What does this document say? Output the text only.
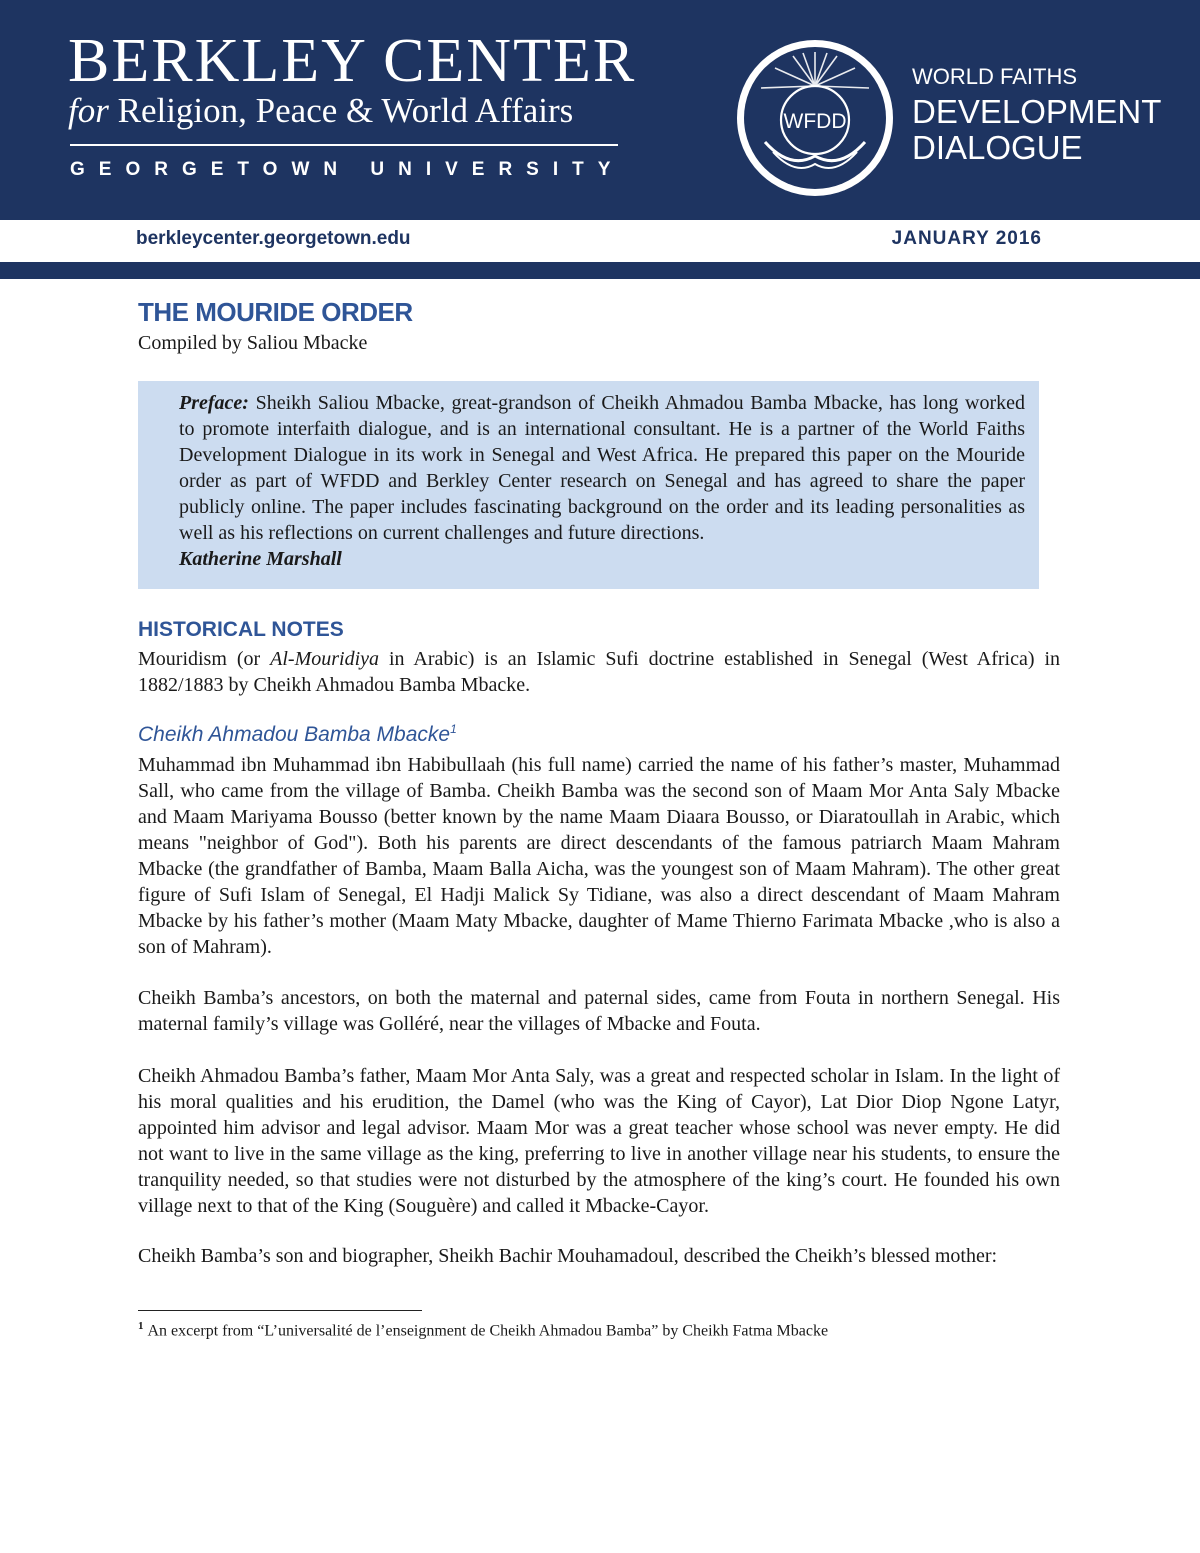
BERKLEY CENTER

for Religion, Peace & World Affairs

GEORGETOWN UNIVERSITY

WFDD
WORLD FAITHS
DEVELOPMENT
DIALOGUE
berkleycenter.georgetown.edu	JANUARY 2016
THE MOURIDE ORDER

Compiled by Saliou Mbacke

Preface: Sheikh Saliou Mbacke, great-grandson of Cheikh Ahmadou Bamba Mbacke, has long worked to promote interfaith dialogue, and is an international consultant. He is a partner of the World Faiths Development Dialogue in its work in Senegal and West Africa. He prepared this paper on the Mouride order as part of WFDD and Berkley Center research on Senegal and has agreed to share the paper publicly online. The paper includes fascinating background on the order and its leading personalities as well as his reflections on current challenges and future directions.
Katherine Marshall

HISTORICAL NOTES

Mouridism (or Al-Mouridiya in Arabic) is an Islamic Sufi doctrine established in Senegal (West Africa) in 1882/1883 by Cheikh Ahmadou Bamba Mbacke.

Cheikh Ahmadou Bamba Mbacke$^1$

Muhammad ibn Muhammad ibn Habibullaah (his full name) carried the name of his father’s master, Muhammad Sall, who came from the village of Bamba. Cheikh Bamba was the second son of Maam Mor Anta Saly Mbacke and Maam Mariyama Bousso (better known by the name Maam Diaara Bousso, or Diaratoullah in Arabic, which means "neighbor of God"). Both his parents are direct descendants of the famous patriarch Maam Mahram Mbacke (the grandfather of Bamba, Maam Balla Aicha, was the youngest son of Maam Mahram). The other great figure of Sufi Islam of Senegal, El Hadji Malick Sy Tidiane, was also a direct descendant of Maam Mahram Mbacke by his father’s mother (Maam Maty Mbacke, daughter of Mame Thierno Farimata Mbacke ,who is also a son of Mahram).

Cheikh Bamba’s ancestors, on both the maternal and paternal sides, came from Fouta in northern Senegal. His maternal family’s village was Golléré, near the villages of Mbacke and Fouta.

Cheikh Ahmadou Bamba’s father, Maam Mor Anta Saly, was a great and respected scholar in Islam. In the light of his moral qualities and his erudition, the Damel (who was the King of Cayor), Lat Dior Diop Ngone Latyr, appointed him advisor and legal advisor. Maam Mor was a great teacher whose school was never empty. He did not want to live in the same village as the king, preferring to live in another village near his students, to ensure the tranquility needed, so that studies were not disturbed by the atmosphere of the king’s court. He founded his own village next to that of the King (Souguère) and called it Mbacke-Cayor.

Cheikh Bamba’s son and biographer, Sheikh Bachir Mouhamadoul, described the Cheikh’s blessed mother:

$^1$ An excerpt from “L’universalité de l’enseignment de Cheikh Ahmadou Bamba” by Cheikh Fatma Mbacke
